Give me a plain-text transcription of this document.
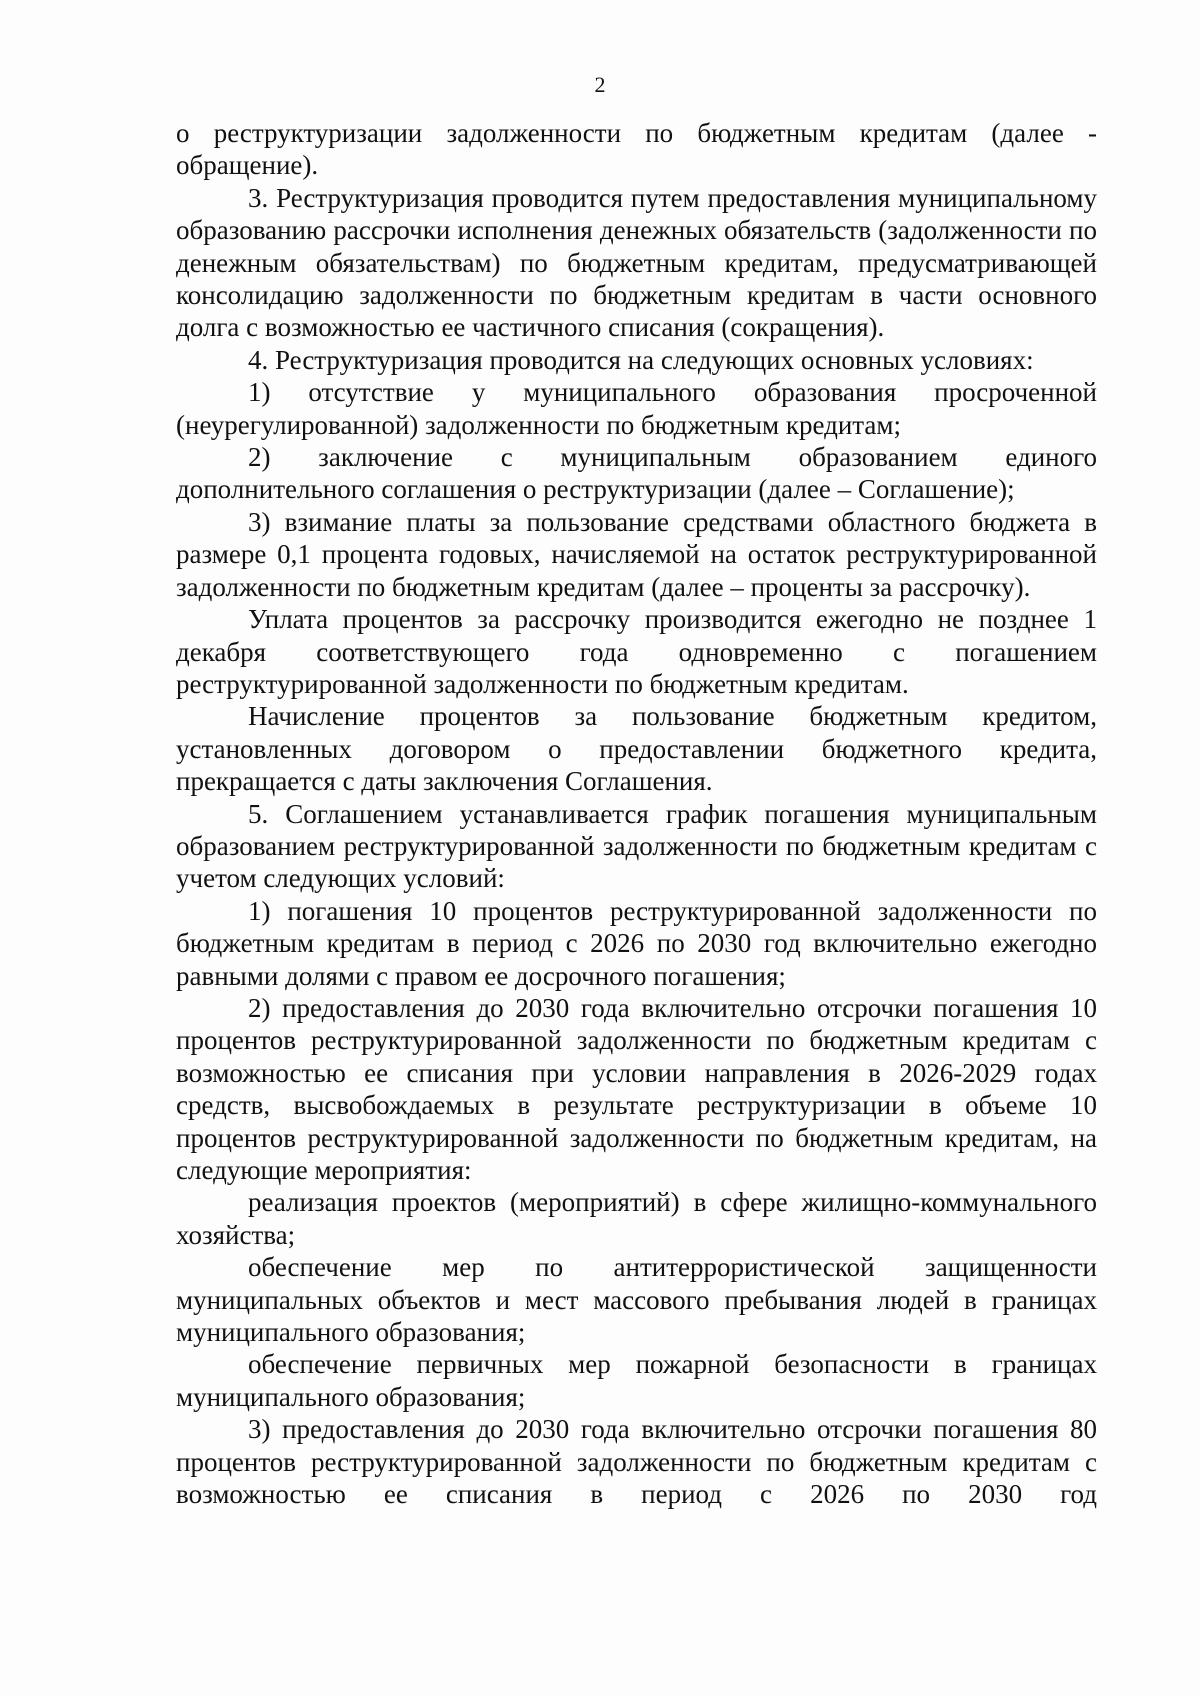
2

о реструктуризации задолженности по бюджетным кредитам (далее - обращение).

3. Реструктуризация проводится путем предоставления муниципальному образованию рассрочки исполнения денежных обязательств (задолженности по денежным обязательствам) по бюджетным кредитам, предусматривающей консолидацию задолженности по бюджетным кредитам в части основного долга с возможностью ее частичного списания (сокращения).

4. Реструктуризация проводится на следующих основных условиях:

1) отсутствие у муниципального образования просроченной (неурегулированной) задолженности по бюджетным кредитам;

2) заключение с муниципальным образованием единого дополнительного соглашения о реструктуризации (далее – Соглашение);

3) взимание платы за пользование средствами областного бюджета в размере 0,1 процента годовых, начисляемой на остаток реструктурированной задолженности по бюджетным кредитам (далее – проценты за рассрочку).

Уплата процентов за рассрочку производится ежегодно не позднее 1 декабря соответствующего года одновременно с погашением реструктурированной задолженности по бюджетным кредитам.

Начисление процентов за пользование бюджетным кредитом, установленных договором о предоставлении бюджетного кредита, прекращается с даты заключения Соглашения.

5. Соглашением устанавливается график погашения муниципальным образованием реструктурированной задолженности по бюджетным кредитам с учетом следующих условий:

1) погашения 10 процентов реструктурированной задолженности по бюджетным кредитам в период с 2026 по 2030 год включительно ежегодно равными долями с правом ее досрочного погашения;

2) предоставления до 2030 года включительно отсрочки погашения 10 процентов реструктурированной задолженности по бюджетным кредитам с возможностью ее списания при условии направления в 2026-2029 годах средств, высвобождаемых в результате реструктуризации в объеме 10 процентов реструктурированной задолженности по бюджетным кредитам, на следующие мероприятия:

реализация проектов (мероприятий) в сфере жилищно-коммунального хозяйства;

обеспечение мер по антитеррористической защищенности муниципальных объектов и мест массового пребывания людей в границах муниципального образования;

обеспечение первичных мер пожарной безопасности в границах муниципального образования;

3) предоставления до 2030 года включительно отсрочки погашения 80 процентов реструктурированной задолженности по бюджетным кредитам с возможностью ее списания в период с 2026 по 2030 год
